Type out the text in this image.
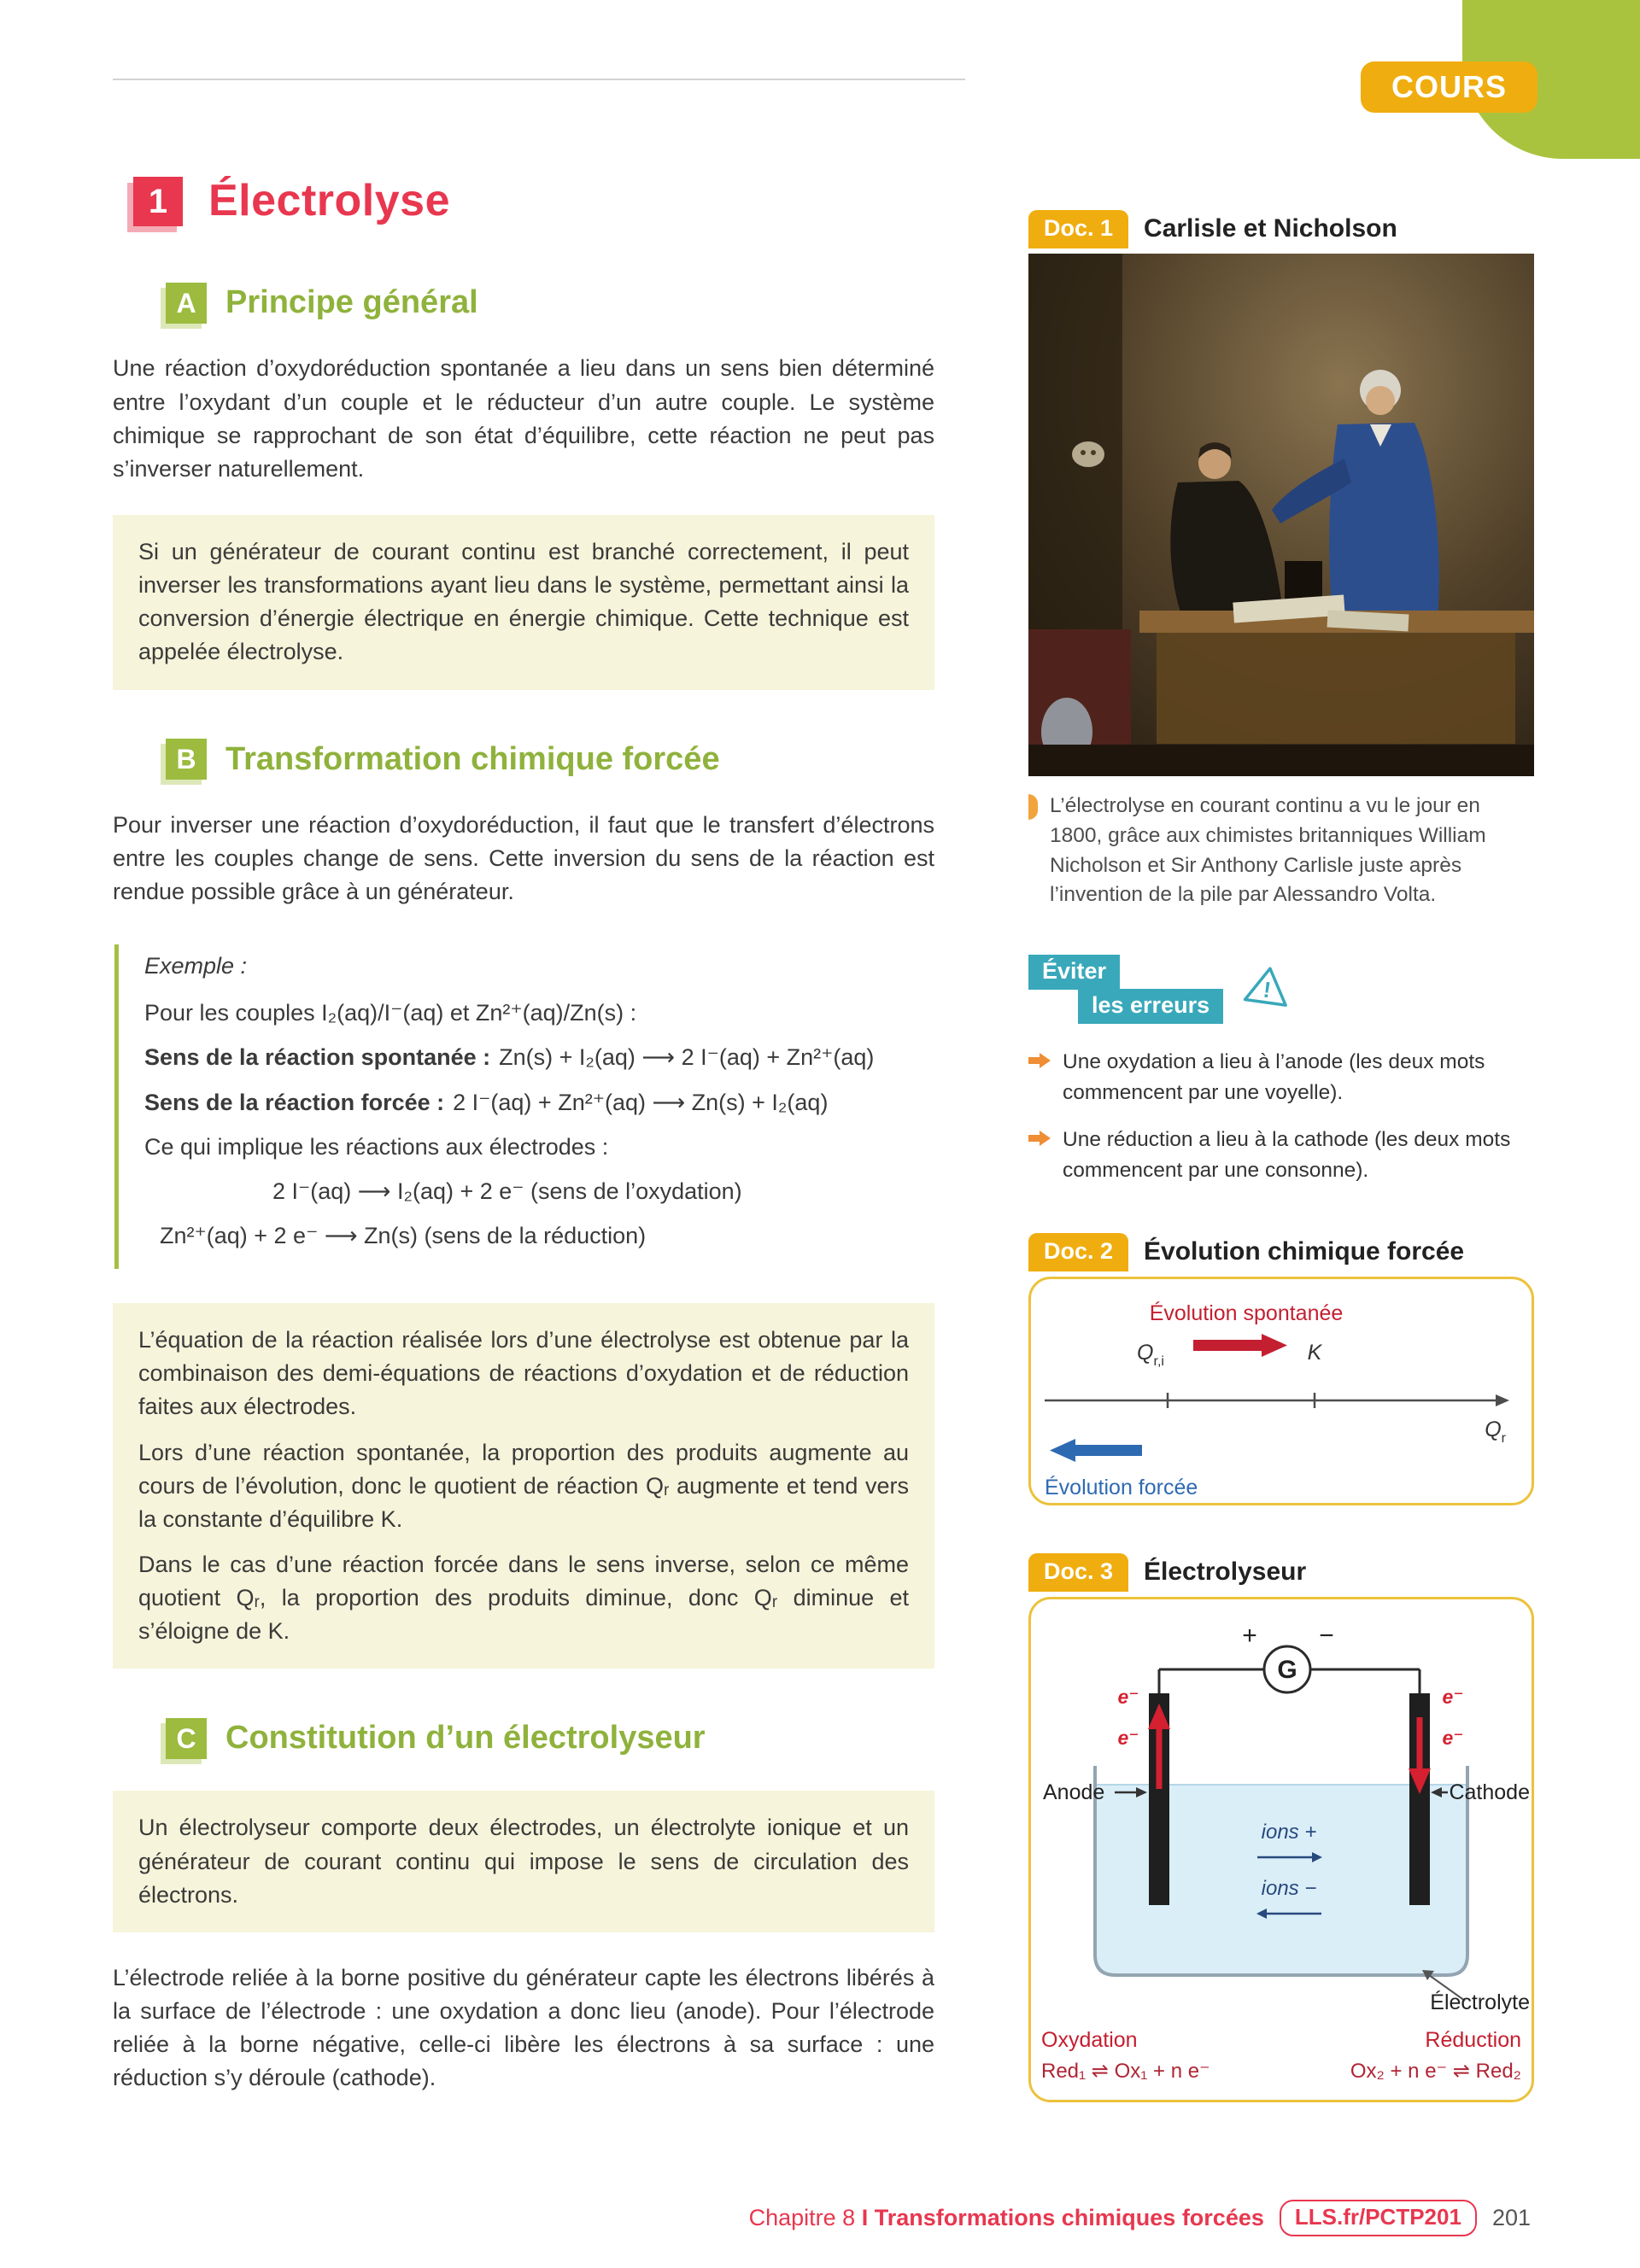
COURS
1 Électrolyse
A Principe général

Une réaction d’oxydoréduction spontanée a lieu dans un sens bien déterminé entre l’oxydant d’un couple et le réducteur d’un autre couple. Le système chimique se rapprochant de son état d’équilibre, cette réaction ne peut pas s’inverser naturellement.

Si un générateur de courant continu est branché correctement, il peut inverser les transformations ayant lieu dans le système, permettant ainsi la conversion d’énergie électrique en énergie chimique. Cette technique est appelée électrolyse.

B Transformation chimique forcée

Pour inverser une réaction d’oxydoréduction, il faut que le transfert d’électrons entre les couples change de sens. Cette inversion du sens de la réaction est rendue possible grâce à un générateur.

Exemple :

Pour les couples I₂(aq)/I⁻(aq) et Zn²⁺(aq)/Zn(s) :

Sens de la réaction spontanée : Zn(s) + I₂(aq) ⟶ 2 I⁻(aq) + Zn²⁺(aq)

Sens de la réaction forcée : 2 I⁻(aq) + Zn²⁺(aq) ⟶ Zn(s) + I₂(aq)

Ce qui implique les réactions aux électrodes :

2 I⁻(aq) ⟶ I₂(aq) + 2 e⁻ (sens de l’oxydation)

Zn²⁺(aq) + 2 e⁻ ⟶ Zn(s) (sens de la réduction)

L’équation de la réaction réalisée lors d’une électrolyse est obtenue par la combinaison des demi-équations de réactions d’oxydation et de réduction faites aux électrodes.

Lors d’une réaction spontanée, la proportion des produits augmente au cours de l’évolution, donc le quotient de réaction Qᵣ augmente et tend vers la constante d’équilibre K.

Dans le cas d’une réaction forcée dans le sens inverse, selon ce même quotient Qᵣ, la proportion des produits diminue, donc Qᵣ diminue et s’éloigne de K.

C Constitution d’un électrolyseur

Un électrolyseur comporte deux électrodes, un électrolyte ionique et un générateur de courant continu qui impose le sens de circulation des électrons.

L’électrode reliée à la borne positive du générateur capte les électrons libérés à la surface de l’électrode : une oxydation a donc lieu (anode). Pour l’électrode reliée à la borne négative, celle-ci libère les électrons à sa surface : une réduction s’y déroule (cathode).

Doc. 1	Carlisle et Nicholson
L’électrolyse en courant continu a vu le jour en 1800, grâce aux chimistes britanniques William Nicholson et Sir Anthony Carlisle juste après l’invention de la pile par Alessandro Volta.
Éviter
les erreurs
!
Une oxydation a lieu à l’anode (les deux mots commencent par une voyelle).
Une réduction a lieu à la cathode (les deux mots commencent par une consonne).
Doc. 2	Évolution chimique forcée
Évolution spontanée
$Q_{r,i}$	K
$Q_r$
Évolution forcée
Doc. 3	Électrolyseur
G
+ −
e⁻
e⁻
e⁻
e⁻
Anode	Cathode
ions +
ions −
Électrolyte
Oxydation	Réduction
Red₁ ⇌ Ox₁ + n e⁻	Ox₂ + n e⁻ ⇌ Red₂
Chapitre 8 I Transformations chimiques forcées	LLS.fr/PCTP201	201
